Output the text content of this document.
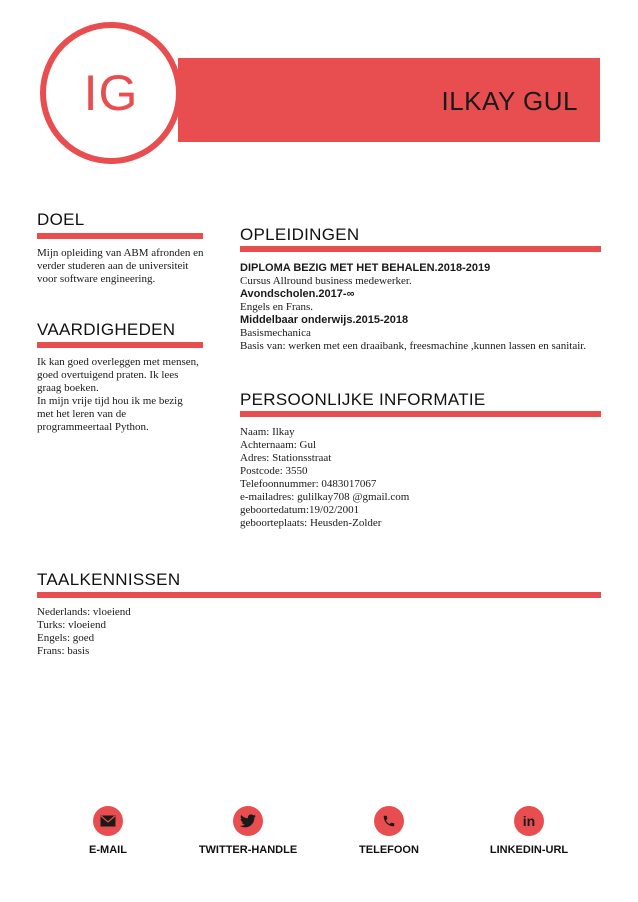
IG	ILKAY GUL
DOEL
Mijn opleiding van ABM afronden en
verder studeren aan de universiteit
voor software engineering.
VAARDIGHEDEN
Ik kan goed overleggen met mensen,
goed overtuigend praten. Ik lees
graag boeken.
In mijn vrije tijd hou ik me bezig
met het leren van de
programmeertaal Python.
OPLEIDINGEN
DIPLOMA BEZIG MET HET BEHALEN.2018-2019
Cursus Allround business medewerker.
Avondscholen.2017-∞
Engels en Frans.
Middelbaar onderwijs.2015-2018
Basismechanica
Basis van: werken met een draaibank, freesmachine ,kunnen lassen en sanitair.
PERSOONLIJKE INFORMATIE
Naam: Ilkay
Achternaam: Gul
Adres: Stationsstraat
Postcode: 3550
Telefoonnummer: 0483017067
e-mailadres: gulilkay708 @gmail.com
geboortedatum:19/02/2001
geboorteplaats: Heusden-Zolder
TAALKENNISSEN
Nederlands: vloeiend
Turks: vloeiend
Engels: goed
Frans: basis
in
E-MAIL	TWITTER-HANDLE	TELEFOON	LINKEDIN-URL
